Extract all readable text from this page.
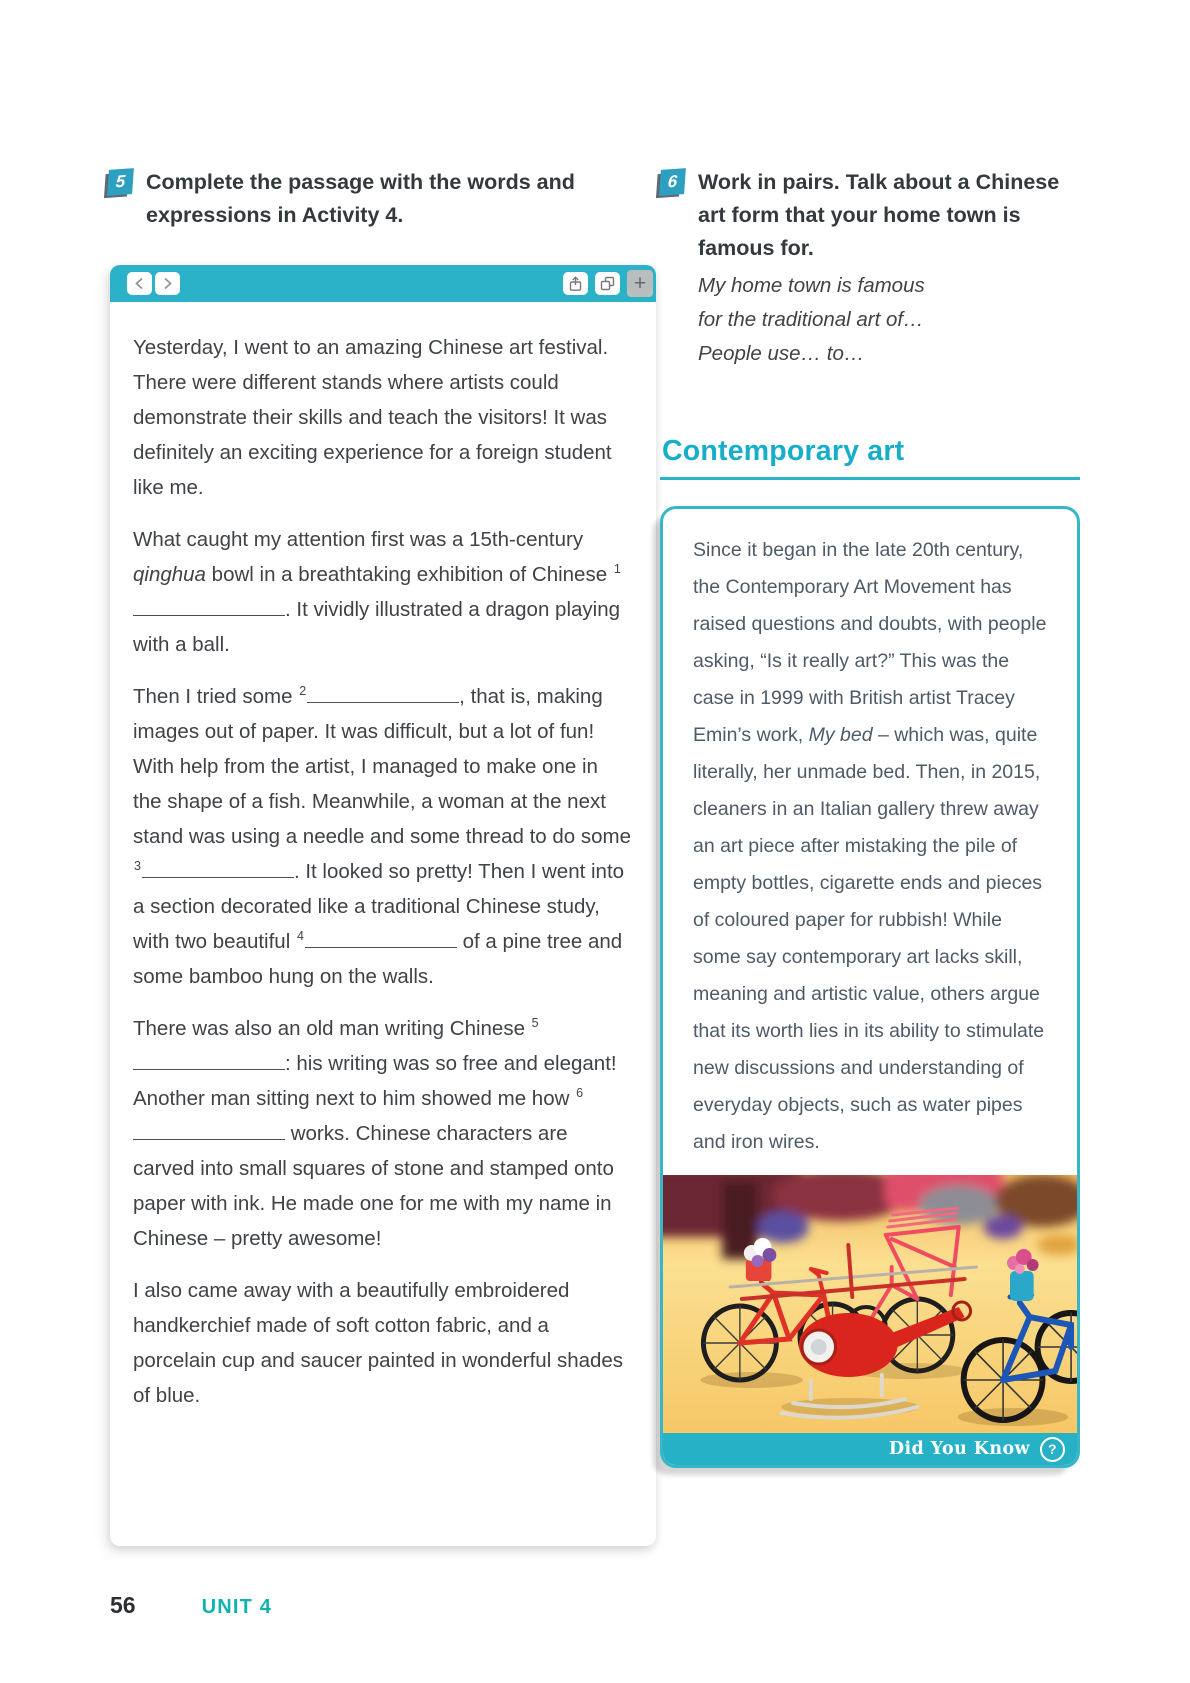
5 Complete the passage with the words and expressions in Activity 4.
+

Yesterday, I went to an amazing Chinese art festival. There were different stands where artists could demonstrate their skills and teach the visitors! It was definitely an exciting experience for a foreign student like me.

What caught my attention first was a 15th-century qinghua bowl in a breathtaking exhibition of Chinese $^1$. It vividly illustrated a dragon playing with a ball.

Then I tried some $^2$	, that is, making images out of paper. It was difficult, but a lot of fun! With help from the artist, I managed to make one in the shape of a fish. Meanwhile, a woman at the next stand was using a needle and some thread to do some $^3$	. It looked so pretty! Then I went into a section decorated like a traditional Chinese study, with two beautiful $^4$	of a pine tree and some bamboo hung on the walls.

There was also an old man writing Chinese $^5$: his writing was so free and elegant! Another man sitting next to him showed me how $^6$ works. Chinese characters are carved into small squares of stone and stamped onto paper with ink. He made one for me with my name in Chinese – pretty awesome!

I also came away with a beautifully embroidered handkerchief made of soft cotton fabric, and a porcelain cup and saucer painted in wonderful shades of blue.

6 Work in pairs. Talk about a Chinese art form that your home town is famous for.
My home town is famous
for the traditional art of…
People use… to…
Contemporary art
Since it began in the late 20th century, the Contemporary Art Movement has raised questions and doubts, with people asking, “Is it really art?” This was the case in 1999 with British artist Tracey Emin’s work, My bed – which was, quite literally, her unmade bed. Then, in 2015, cleaners in an Italian gallery threw away an art piece after mistaking the pile of empty bottles, cigarette ends and pieces of coloured paper for rubbish! While some say contemporary art lacks skill, meaning and artistic value, others argue that its worth lies in its ability to stimulate new discussions and understanding of everyday objects, such as water pipes and iron wires.
Did You Know	?
56	UNIT 4
